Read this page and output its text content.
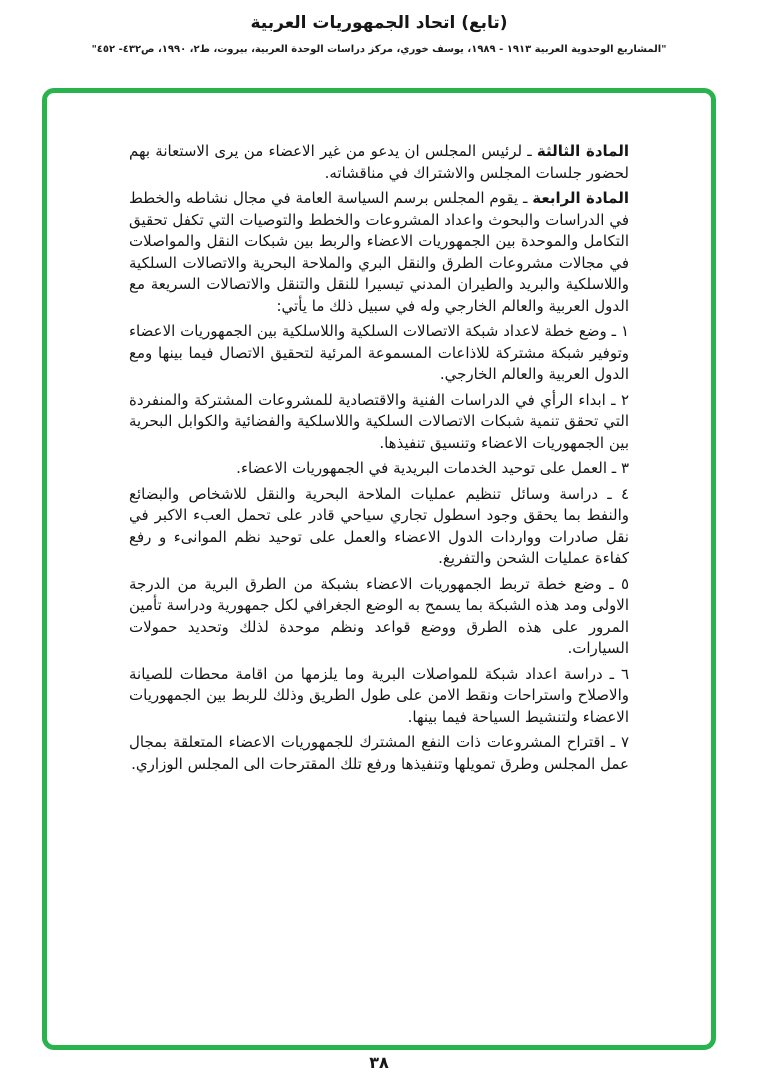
(تابع) اتحاد الجمهوريات العربية
"المشاريع الوحدوية العربية ١٩١٣ - ١٩٨٩، يوسف خوري، مركز دراسات الوحدة العربية، بيروت، ط٢، ١٩٩٠، ص٤٣٢- ٤٥٢"
المادة الثالثة ـ لرئيس المجلس ان يدعو من غير الاعضاء من يرى الاستعانة بهم لحضور جلسات المجلس والاشتراك في مناقشاته.
المادة الرابعة ـ يقوم المجلس برسم السياسة العامة في مجال نشاطه والخطط في الدراسات والبحوث واعداد المشروعات والخطط والتوصيات التي تكفل تحقيق التكامل والموحدة بين الجمهوريات الاعضاء والربط بين شبكات النقل والمواصلات في مجالات مشروعات الطرق والنقل البري والملاحة البحرية والاتصالات السلكية واللاسلكية والبريد والطيران المدني تيسيرا للنقل والتنقل والاتصالات السريعة مع الدول العربية والعالم الخارجي وله في سبيل ذلك ما يأتي:

١ ـ وضع خطة لاعداد شبكة الاتصالات السلكية واللاسلكية بين الجمهوريات الاعضاء وتوفير شبكة مشتركة للاذاعات المسموعة المرئية لتحقيق الاتصال فيما بينها ومع الدول العربية والعالم الخارجي.

٢ ـ ابداء الرأي في الدراسات الفنية والاقتصادية للمشروعات المشتركة والمنفردة التي تحقق تنمية شبكات الاتصالات السلكية واللاسلكية والفضائية والكوابل البحرية بين الجمهوريات الاعضاء وتنسيق تنفيذها.

٣ ـ العمل على توحيد الخدمات البريدية في الجمهوريات الاعضاء.

٤ ـ دراسة وسائل تنظيم عمليات الملاحة البحرية والنقل للاشخاص والبضائع والنفط بما يحقق وجود اسطول تجاري سياحي قادر على تحمل العبء الاكبر في نقل صادرات وواردات الدول الاعضاء والعمل على توحيد نظم الموانىء و رفع كفاءة عمليات الشحن والتفريغ.

٥ ـ وضع خطة تربط الجمهوريات الاعضاء بشبكة من الطرق البرية من الدرجة الاولى ومد هذه الشبكة بما يسمح به الوضع الجغرافي لكل جمهورية ودراسة تأمين المرور على هذه الطرق ووضع قواعد ونظم موحدة لذلك وتحديد حمولات السيارات.

٦ ـ دراسة اعداد شبكة للمواصلات البرية وما يلزمها من اقامة محطات للصيانة والاصلاح واستراحات ونقط الامن على طول الطريق وذلك للربط بين الجمهوريات الاعضاء ولتنشيط السياحة فيما بينها.

٧ ـ اقتراح المشروعات ذات النفع المشترك للجمهوريات الاعضاء المتعلقة بمجال عمل المجلس وطرق تمويلها وتنفيذها ورفع تلك المقترحات الى المجلس الوزاري.

٣٨
